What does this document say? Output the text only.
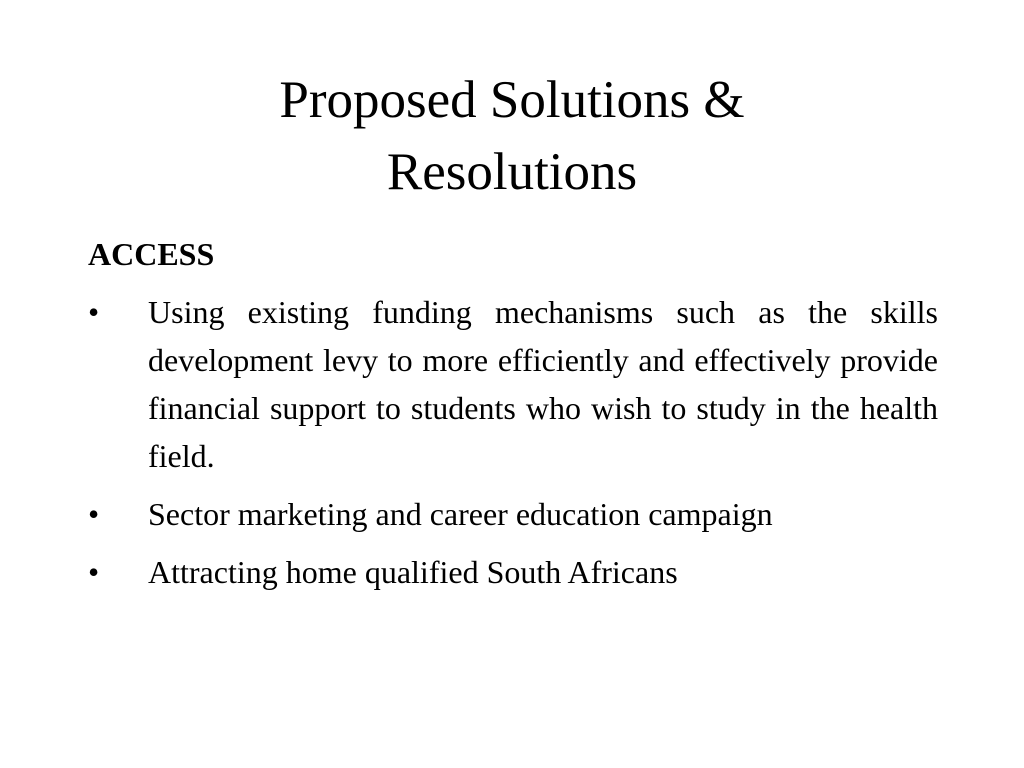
Proposed Solutions &
Resolutions
ACCESS
•	Using existing funding mechanisms such as the skills development levy to more efficiently and effectively provide financial support to students who wish to study in the health field.
•	Sector marketing and career education campaign
•	Attracting home qualified South Africans
